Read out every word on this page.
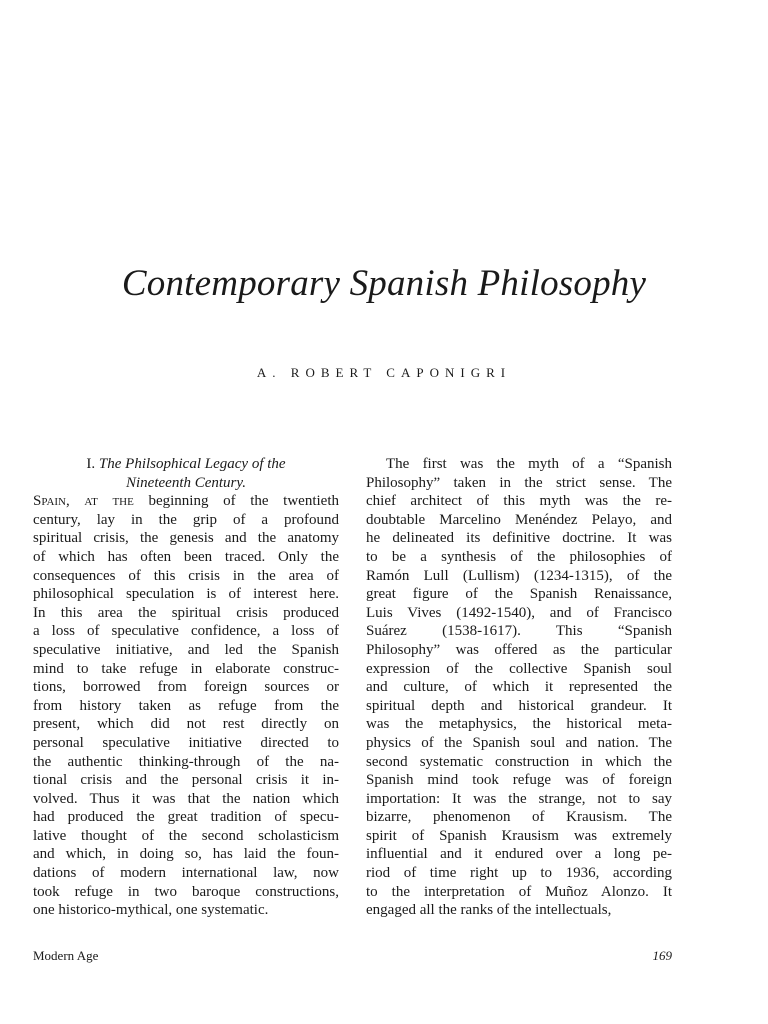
Contemporary Spanish Philosophy
A. ROBERT CAPONIGRI
I. The Philsophical Legacy of the
Nineteenth Century.
Spain, at the beginning of the twentieth
century, lay in the grip of a profound
spiritual crisis, the genesis and the anatomy
of which has often been traced. Only the
consequences of this crisis in the area of
philosophical speculation is of interest here.
In this area the spiritual crisis produced
a loss of speculative confidence, a loss of
speculative initiative, and led the Spanish
mind to take refuge in elaborate construc-
tions, borrowed from foreign sources or
from history taken as refuge from the
present, which did not rest directly on
personal speculative initiative directed to
the authentic thinking-through of the na-
tional crisis and the personal crisis it in-
volved. Thus it was that the nation which
had produced the great tradition of specu-
lative thought of the second scholasticism
and which, in doing so, has laid the foun-
dations of modern international law, now
took refuge in two baroque constructions,
one historico-mythical, one systematic.
The first was the myth of a “Spanish
Philosophy” taken in the strict sense. The
chief architect of this myth was the re-
doubtable Marcelino Menéndez Pelayo, and
he delineated its definitive doctrine. It was
to be a synthesis of the philosophies of
Ramón Lull (Lullism) (1234-1315), of the
great figure of the Spanish Renaissance,
Luis Vives (1492-1540), and of Francisco
Suárez (1538-1617). This “Spanish
Philosophy” was offered as the particular
expression of the collective Spanish soul
and culture, of which it represented the
spiritual depth and historical grandeur. It
was the metaphysics, the historical meta-
physics of the Spanish soul and nation. The
second systematic construction in which the
Spanish mind took refuge was of foreign
importation: It was the strange, not to say
bizarre, phenomenon of Krausism. The
spirit of Spanish Krausism was extremely
influential and it endured over a long pe-
riod of time right up to 1936, according
to the interpretation of Muñoz Alonzo. It
engaged all the ranks of the intellectuals,
Modern Age	169
